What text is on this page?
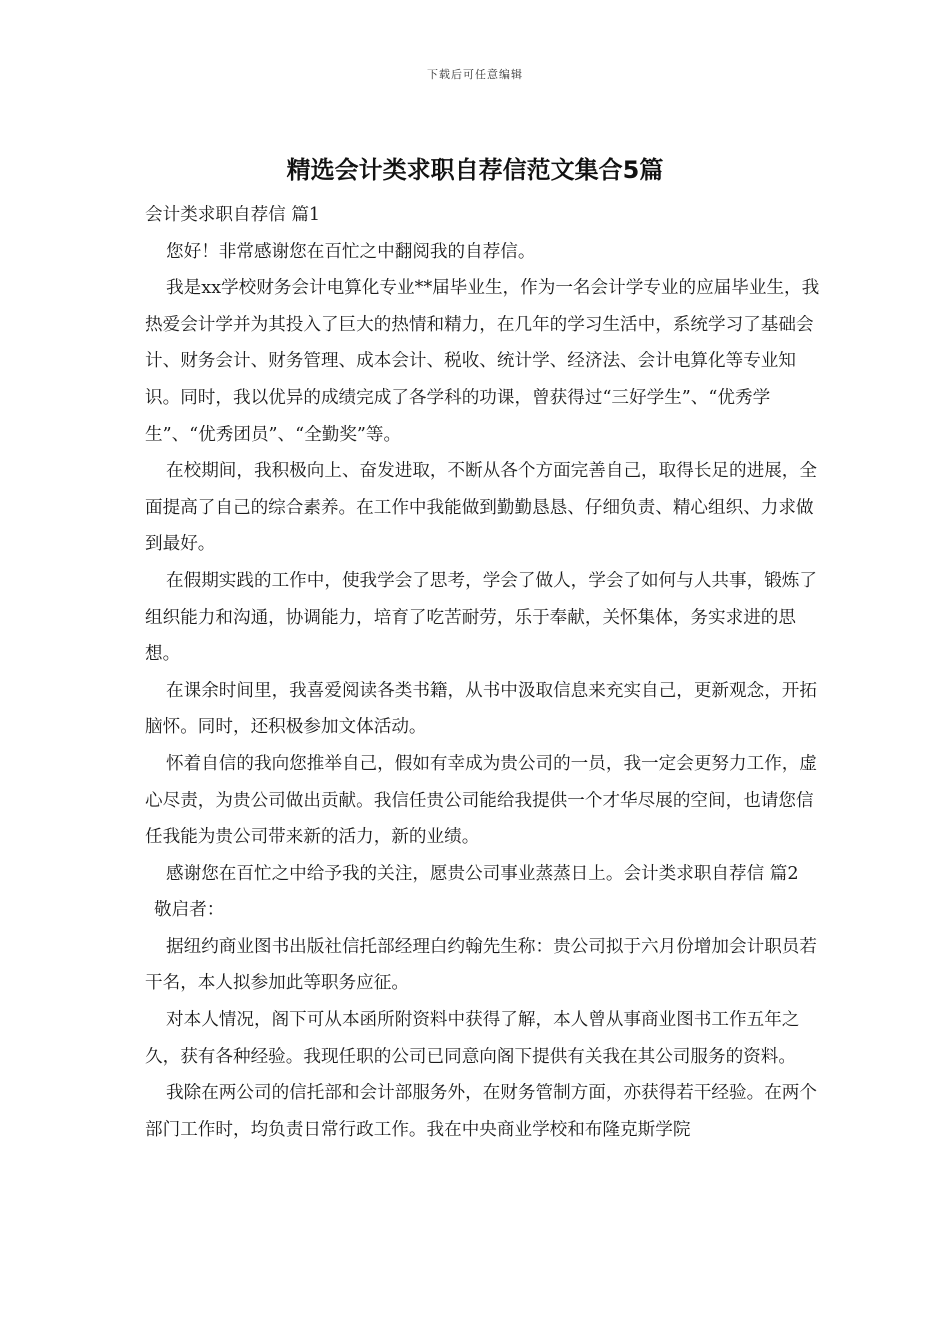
下载后可任意编辑
精选会计类求职自荐信范文集合5篇

会计类求职自荐信 篇1

您好！非常感谢您在百忙之中翻阅我的自荐信。

我是xx学校财务会计电算化专业**届毕业生，作为一名会计学专业的应届毕业生，我热爱会计学并为其投入了巨大的热情和精力，在几年的学习生活中，系统学习了基础会计、财务会计、财务管理、成本会计、税收、统计学、经济法、会计电算化等专业知识。同时，我以优异的成绩完成了各学科的功课，曾获得过“三好学生”、“优秀学生”、“优秀团员”、“全勤奖”等。

在校期间，我积极向上、奋发进取，不断从各个方面完善自己，取得长足的进展，全面提高了自己的综合素养。在工作中我能做到勤勤恳恳、仔细负责、精心组织、力求做到最好。

在假期实践的工作中，使我学会了思考，学会了做人，学会了如何与人共事，锻炼了组织能力和沟通，协调能力，培育了吃苦耐劳，乐于奉献，关怀集体，务实求进的思想。

在课余时间里，我喜爱阅读各类书籍，从书中汲取信息来充实自己，更新观念，开拓脑怀。同时，还积极参加文体活动。

怀着自信的我向您推举自己，假如有幸成为贵公司的一员，我一定会更努力工作，虚心尽责，为贵公司做出贡献。我信任贵公司能给我提供一个才华尽展的空间，也请您信任我能为贵公司带来新的活力，新的业绩。

感谢您在百忙之中给予我的关注，愿贵公司事业蒸蒸日上。会计类求职自荐信 篇2

敬启者：

据纽约商业图书出版社信托部经理白约翰先生称：贵公司拟于六月份增加会计职员若干名，本人拟参加此等职务应征。

对本人情况，阁下可从本函所附资料中获得了解，本人曾从事商业图书工作五年之久，获有各种经验。我现任职的公司已同意向阁下提供有关我在其公司服务的资料。

我除在两公司的信托部和会计部服务外，在财务管制方面，亦获得若干经验。在两个部门工作时，均负责日常行政工作。我在中央商业学校和布隆克斯学院
